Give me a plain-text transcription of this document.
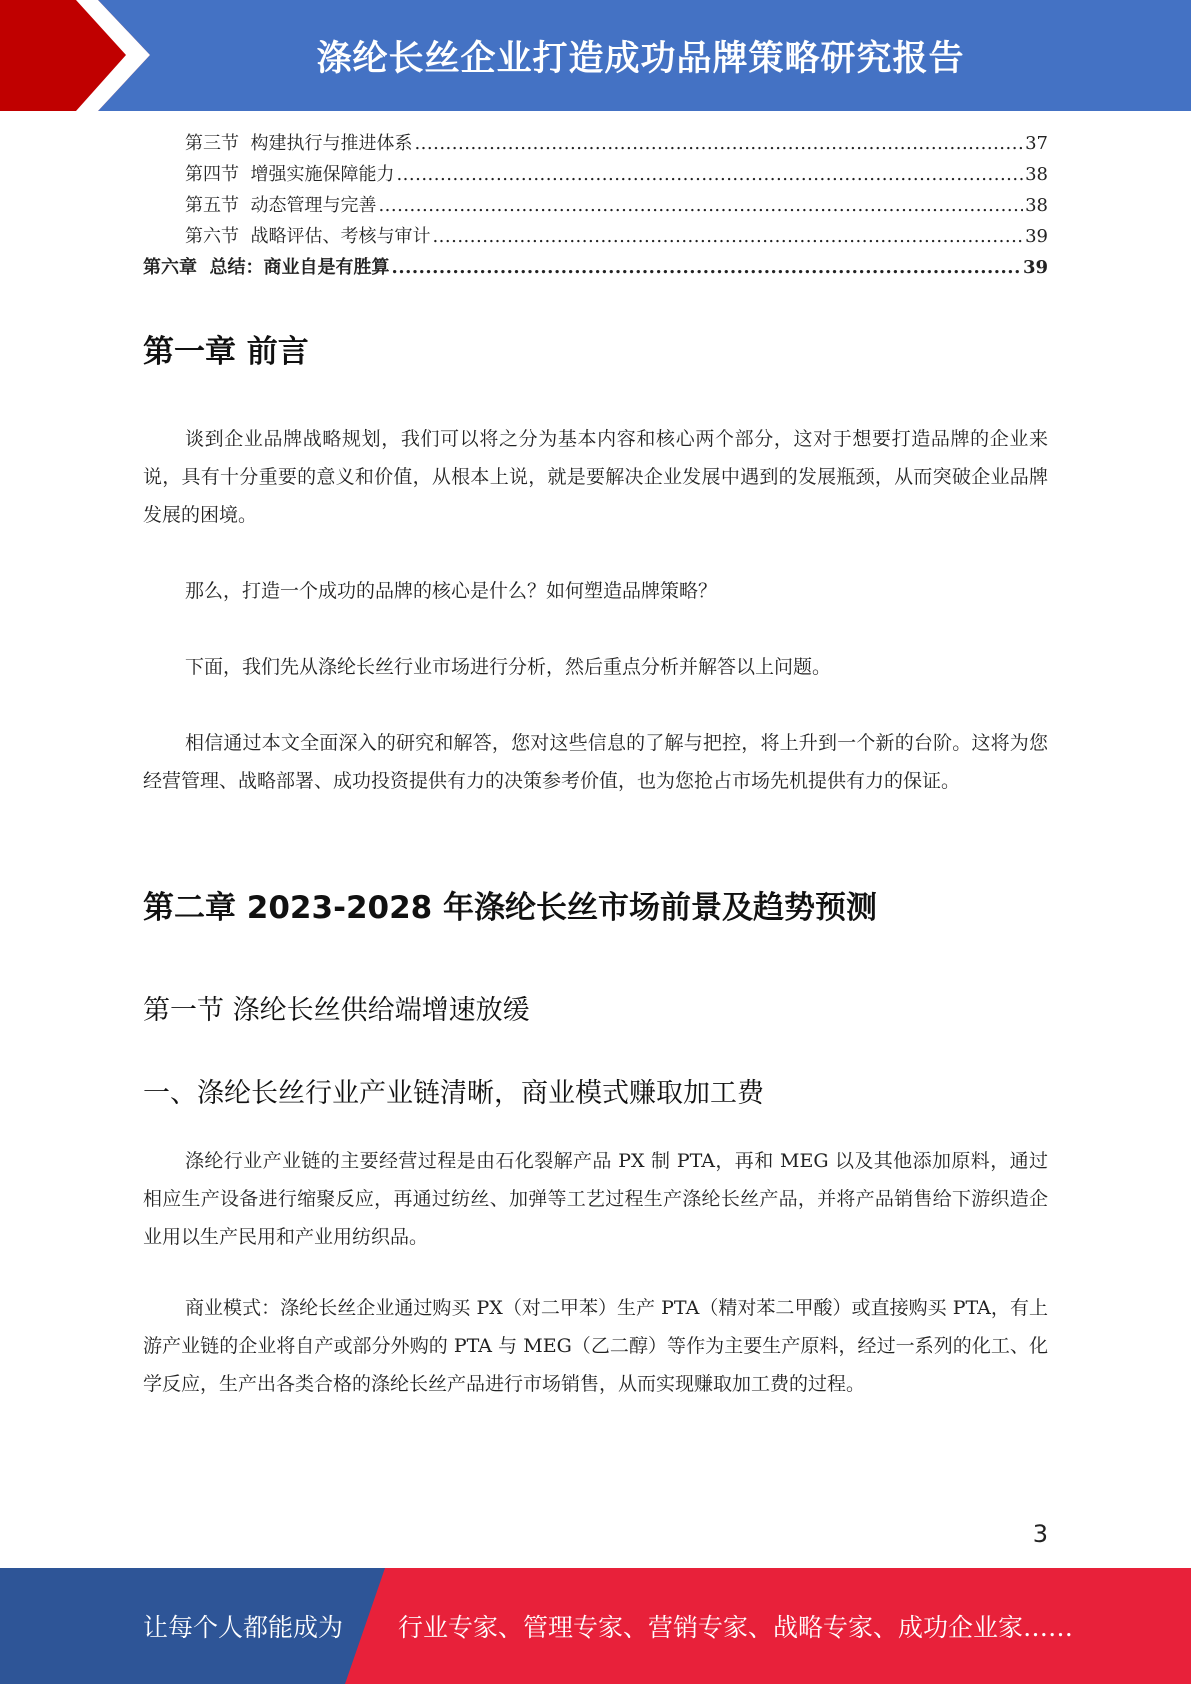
涤纶长丝企业打造成功品牌策略研究报告
第三节  构建执行与推进体系 .....	37
第四节  增强实施保障能力 .....	38
第五节  动态管理与完善 .....	38
第六节  战略评估、考核与审计 .....	39
第六章  总结：商业自是有胜算 .....	39
第一章 前言

谈到企业品牌战略规划，我们可以将之分为基本内容和核心两个部分，这对于想要打造品牌的企业来说，具有十分重要的意义和价值，从根本上说，就是要解决企业发展中遇到的发展瓶颈，从而突破企业品牌发展的困境。

那么，打造一个成功的品牌的核心是什么？如何塑造品牌策略？

下面，我们先从涤纶长丝行业市场进行分析，然后重点分析并解答以上问题。

相信通过本文全面深入的研究和解答，您对这些信息的了解与把控，将上升到一个新的台阶。这将为您经营管理、战略部署、成功投资提供有力的决策参考价值，也为您抢占市场先机提供有力的保证。

第二章 2023-2028 年涤纶长丝市场前景及趋势预测
第一节 涤纶长丝供给端增速放缓
一、涤纶长丝行业产业链清晰，商业模式赚取加工费

涤纶行业产业链的主要经营过程是由石化裂解产品 PX 制 PTA，再和 MEG 以及其他添加原料，通过相应生产设备进行缩聚反应，再通过纺丝、加弹等工艺过程生产涤纶长丝产品，并将产品销售给下游织造企业用以生产民用和产业用纺织品。

商业模式：涤纶长丝企业通过购买 PX（对二甲苯）生产 PTA（精对苯二甲酸）或直接购买 PTA，有上游产业链的企业将自产或部分外购的 PTA 与 MEG（乙二醇）等作为主要生产原料，经过一系列的化工、化学反应，生产出各类合格的涤纶长丝产品进行市场销售，从而实现赚取加工费的过程。

3
让每个人都能成为 行业专家、管理专家、营销专家、战略专家、成功企业家……
